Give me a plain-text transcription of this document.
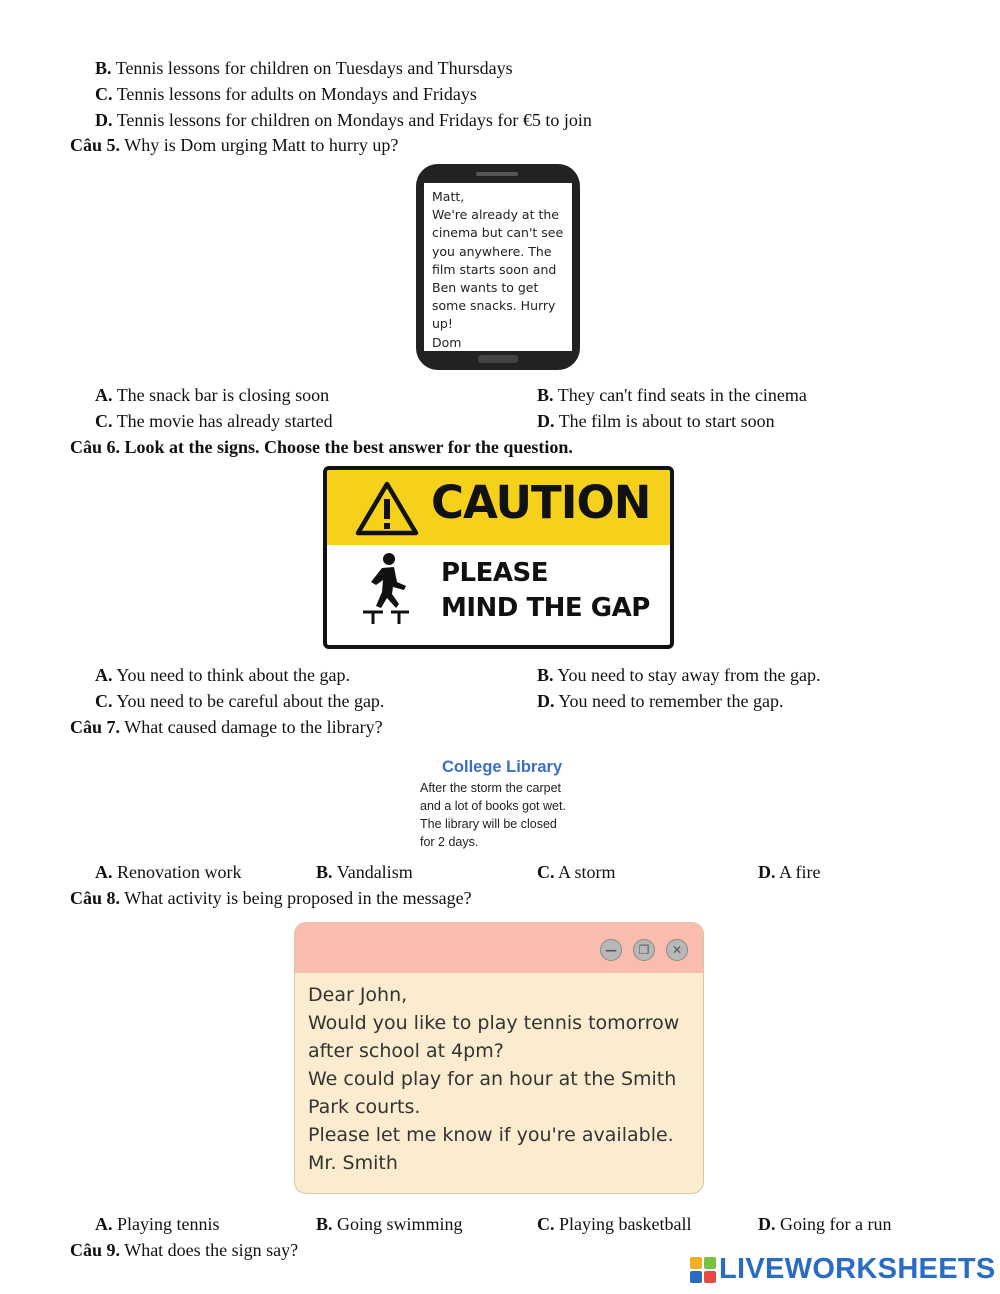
B. Tennis lessons for children on Tuesdays and Thursdays
C. Tennis lessons for adults on Mondays and Fridays
D. Tennis lessons for children on Mondays and Fridays for €5 to join
Câu 5. Why is Dom urging Matt to hurry up?
Matt,
We're already at the
cinema but can't see
you anywhere. The
film starts soon and
Ben wants to get
some snacks. Hurry
up!
Dom
A. The snack bar is closing soon	B. They can't find seats in the cinema
C. The movie has already started	D. The film is about to start soon
Câu 6. Look at the signs. Choose the best answer for the question.
CAUTION
PLEASE
MIND THE GAP
A. You need to think about the gap.	B. You need to stay away from the gap.
C. You need to be careful about the gap.	D. You need to remember the gap.
Câu 7. What caused damage to the library?
College Library
After the storm the carpet
and a lot of books got wet.
The library will be closed
for 2 days.
A. Renovation work	B. Vandalism	C. A storm	D. A fire
Câu 8. What activity is being proposed in the message?
—	❐	✕
Dear John,
Would you like to play tennis tomorrow
after school at 4pm?
We could play for an hour at the Smith
Park courts.
Please let me know if you're available.
Mr. Smith
A. Playing tennis	B. Going swimming	C. Playing basketball	D. Going for a run
Câu 9. What does the sign say?
LIVEWORKSHEETS
